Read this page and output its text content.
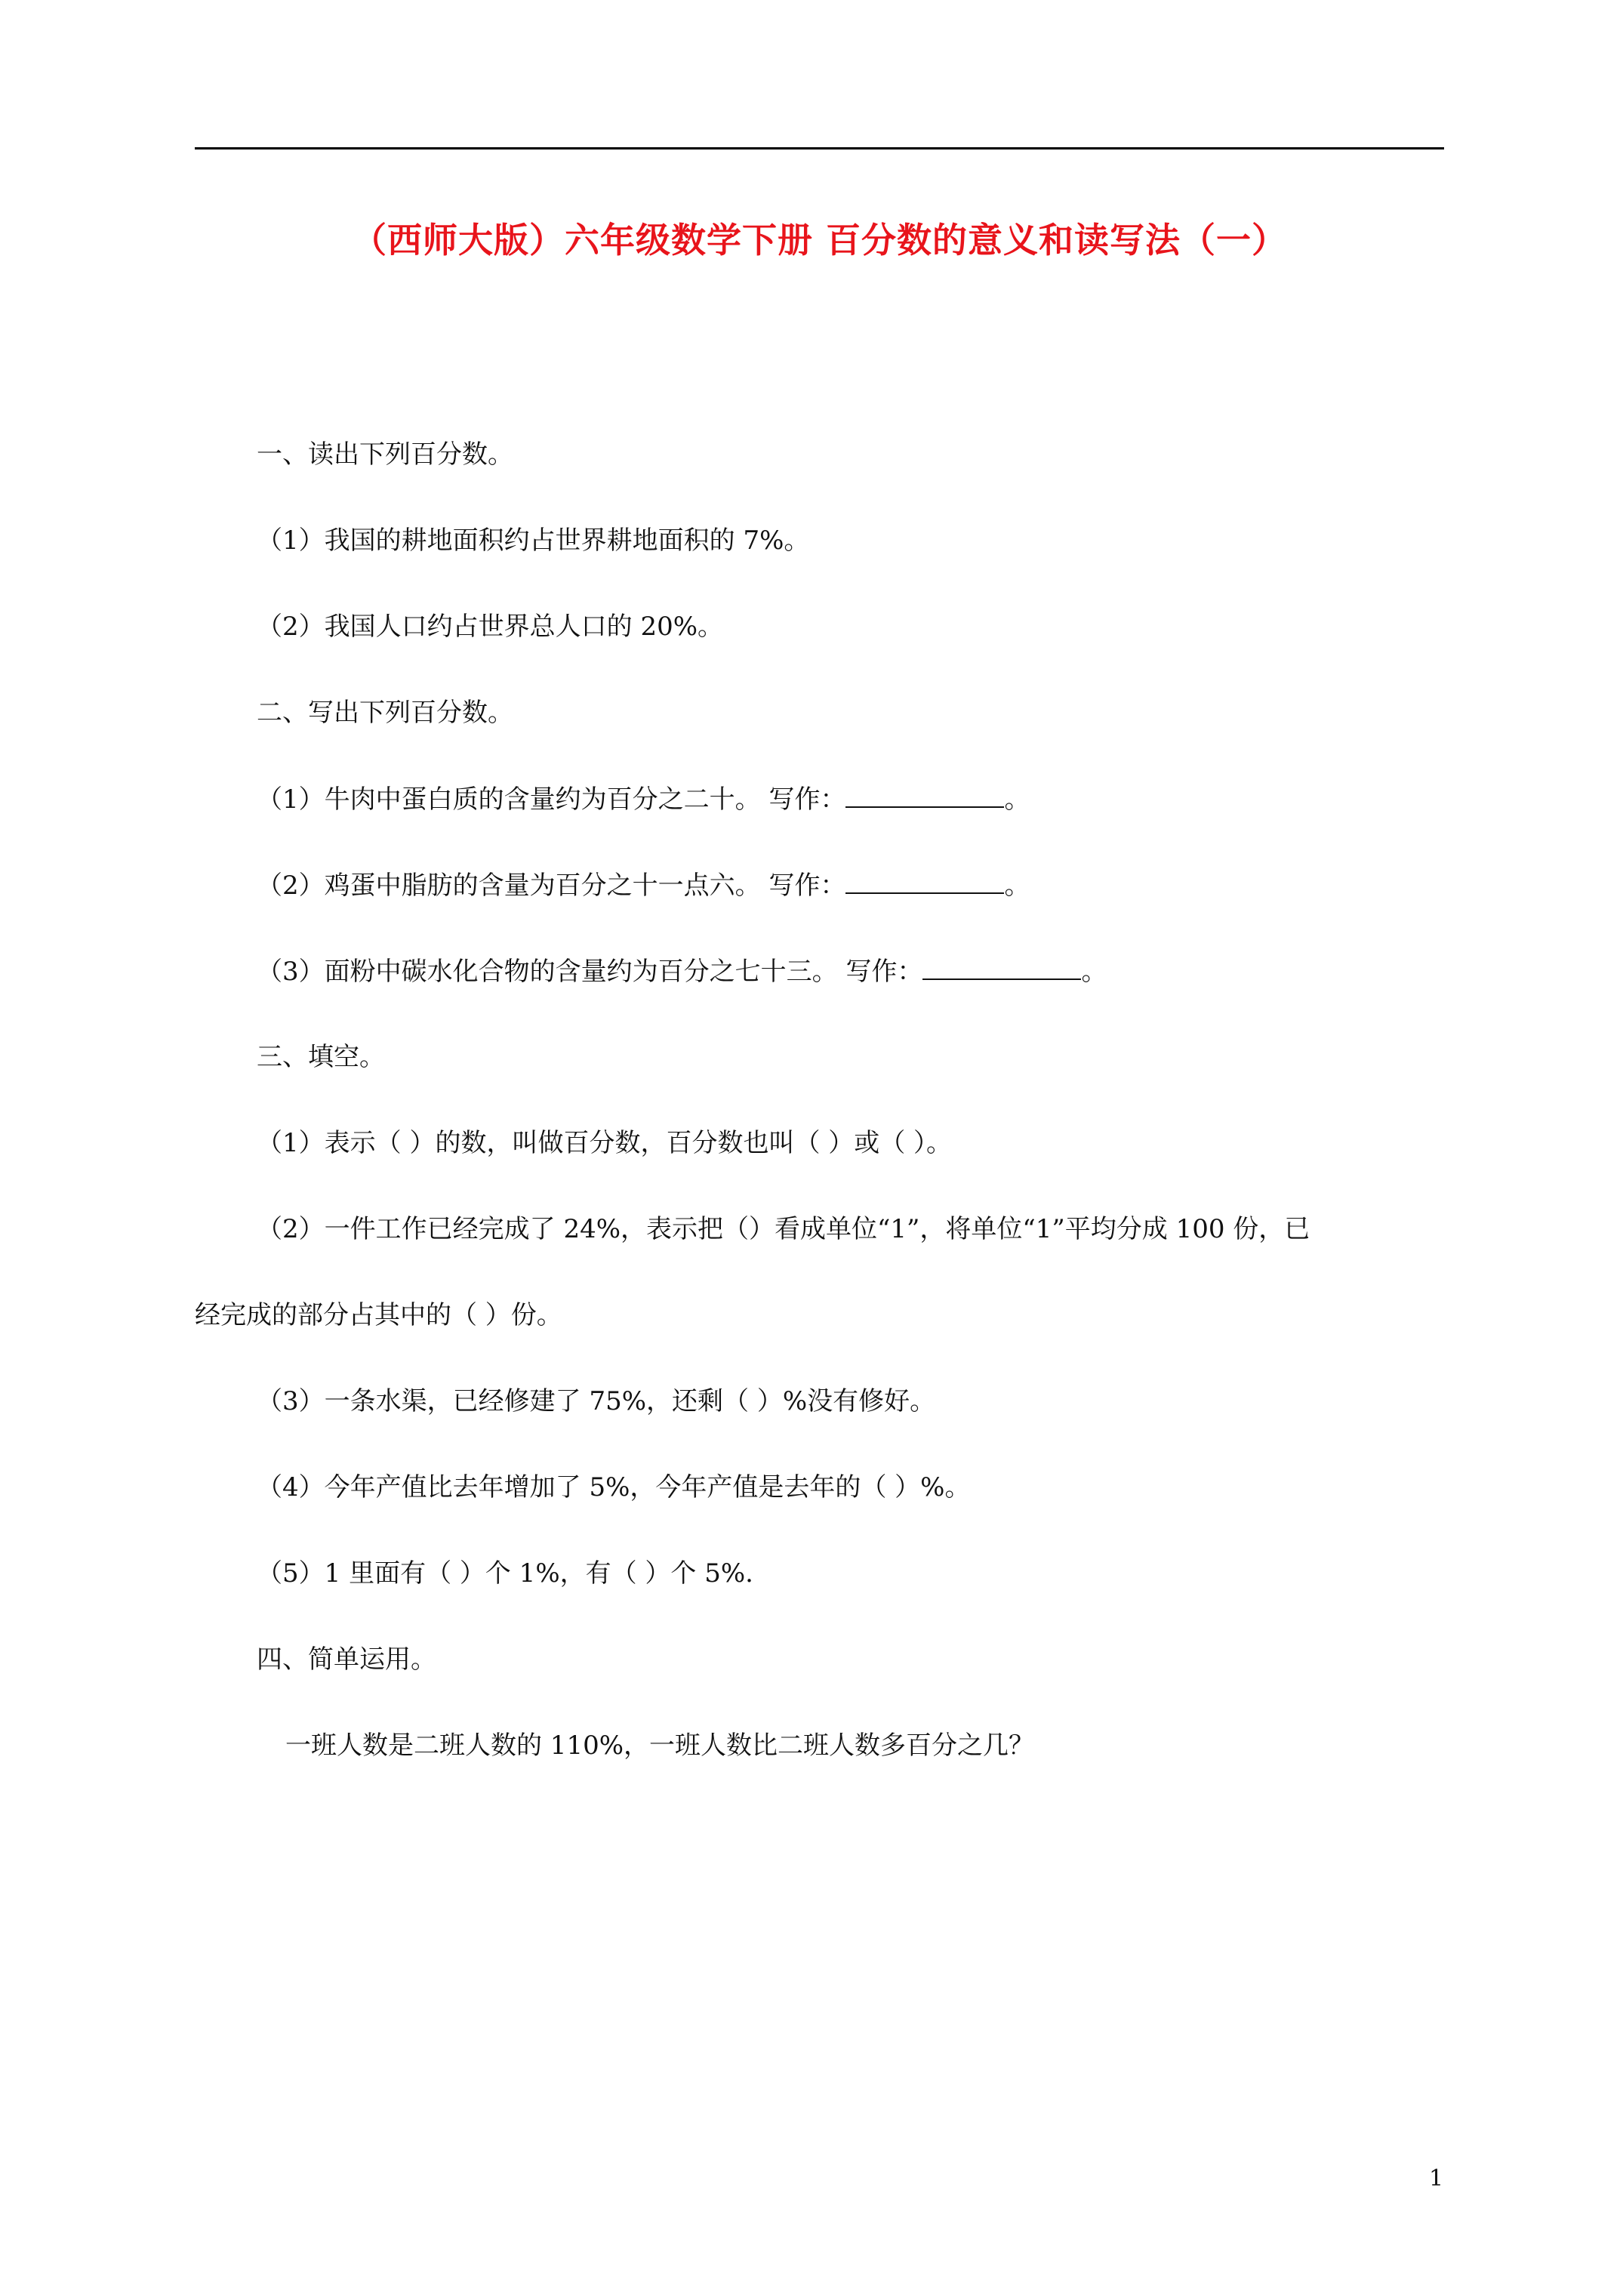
（西师大版）六年级数学下册 百分数的意义和读写法（一）
一、读出下列百分数。
（1）我国的耕地面积约占世界耕地面积的 7%。
（2）我国人口约占世界总人口的 20%。
二、写出下列百分数。
（1）牛肉中蛋白质的含量约为百分之二十。 写作：	。
（2）鸡蛋中脂肪的含量为百分之十一点六。 写作：	。
（3）面粉中碳水化合物的含量约为百分之七十三。 写作：	。
三、填空。
（1）表示（ ）的数，叫做百分数，百分数也叫（ ）或（ ）。
（2）一件工作已经完成了 24%，表示把（）看成单位“1”，将单位“1”平均分成 100 份，已
经完成的部分占其中的（ ）份。
（3）一条水渠，已经修建了 75%，还剩（ ）%没有修好。
（4）今年产值比去年增加了 5%，今年产值是去年的（ ）%。
（5）1 里面有（ ）个 1%，有（ ）个 5%.
四、简单运用。
一班人数是二班人数的 110%，一班人数比二班人数多百分之几？
1
